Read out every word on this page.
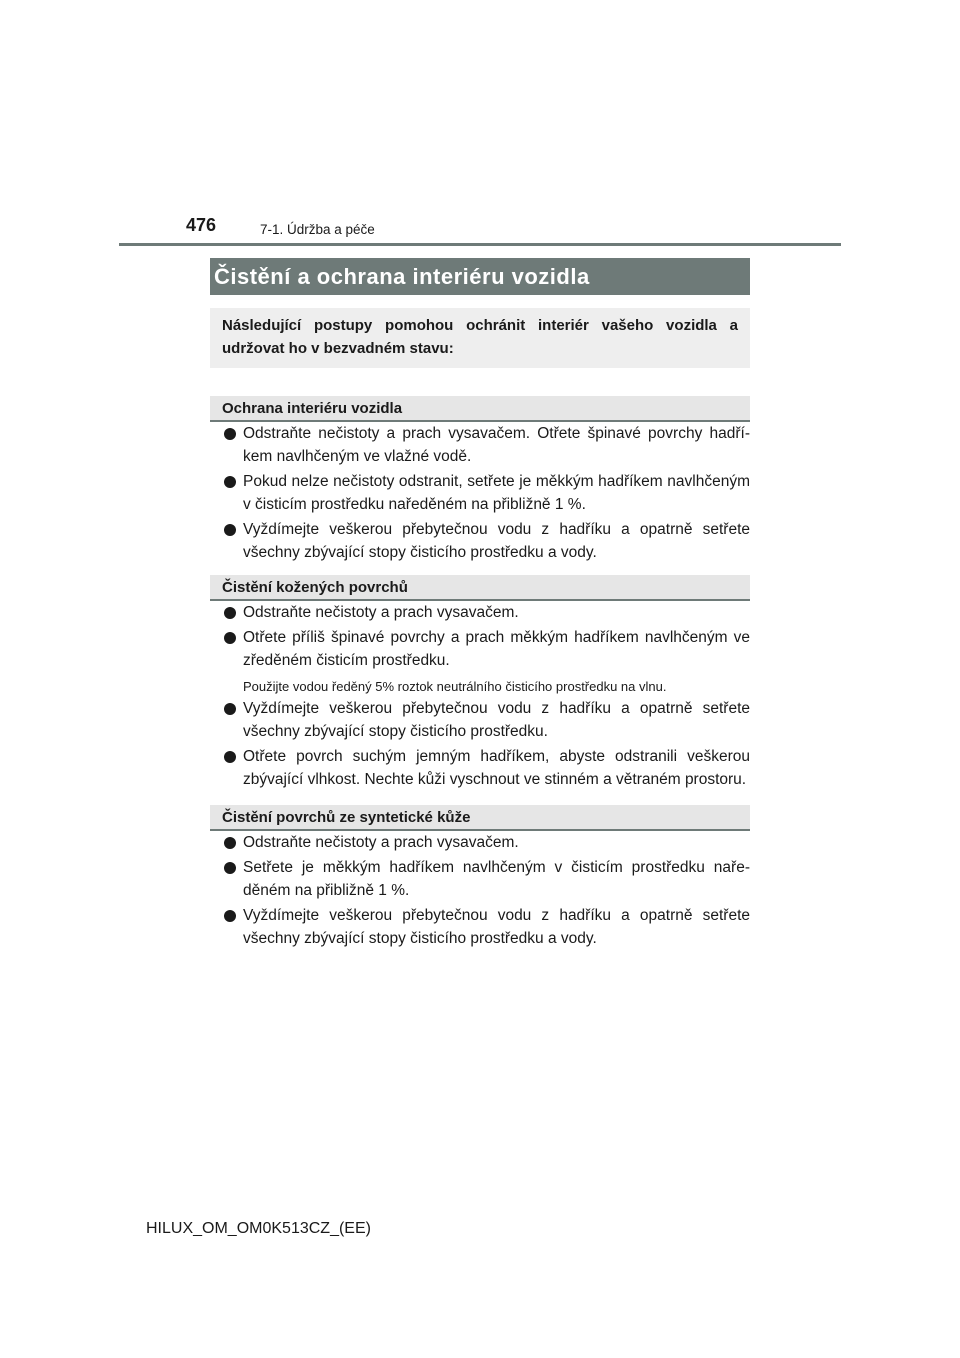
476	7-1. Údržba a péče
Čistění a ochrana interiéru vozidla
Následující postupy pomohou ochránit interiér vašeho vozidla a udržovat ho v bezvadném stavu:
Ochrana interiéru vozidla
Odstraňte nečistoty a prach vysavačem. Otřete špinavé povrchy hadříkem navlhčeným ve vlažné vodě.
Pokud nelze nečistoty odstranit, setřete je měkkým hadříkem navlhčeným v čisticím prostředku naředěném na přibližně 1 %.
Vyždímejte veškerou přebytečnou vodu z hadříku a opatrně setřete všechny zbývající stopy čisticího prostředku a vody.
Čistění kožených povrchů
Odstraňte nečistoty a prach vysavačem.
Otřete příliš špinavé povrchy a prach měkkým hadříkem navlhčeným ve zředěném čisticím prostředku.
Použijte vodou ředěný 5% roztok neutrálního čisticího prostředku na vlnu.
Vyždímejte veškerou přebytečnou vodu z hadříku a opatrně setřete všechny zbývající stopy čisticího prostředku.
Otřete povrch suchým jemným hadříkem, abyste odstranili veškerou zbývající vlhkost. Nechte kůži vyschnout ve stinném a větraném prostoru.
Čistění povrchů ze syntetické kůže
Odstraňte nečistoty a prach vysavačem.
Setřete je měkkým hadříkem navlhčeným v čisticím prostředku naředěném na přibližně 1 %.
Vyždímejte veškerou přebytečnou vodu z hadříku a opatrně setřete všechny zbývající stopy čisticího prostředku a vody.
HILUX_OM_OM0K513CZ_(EE)
